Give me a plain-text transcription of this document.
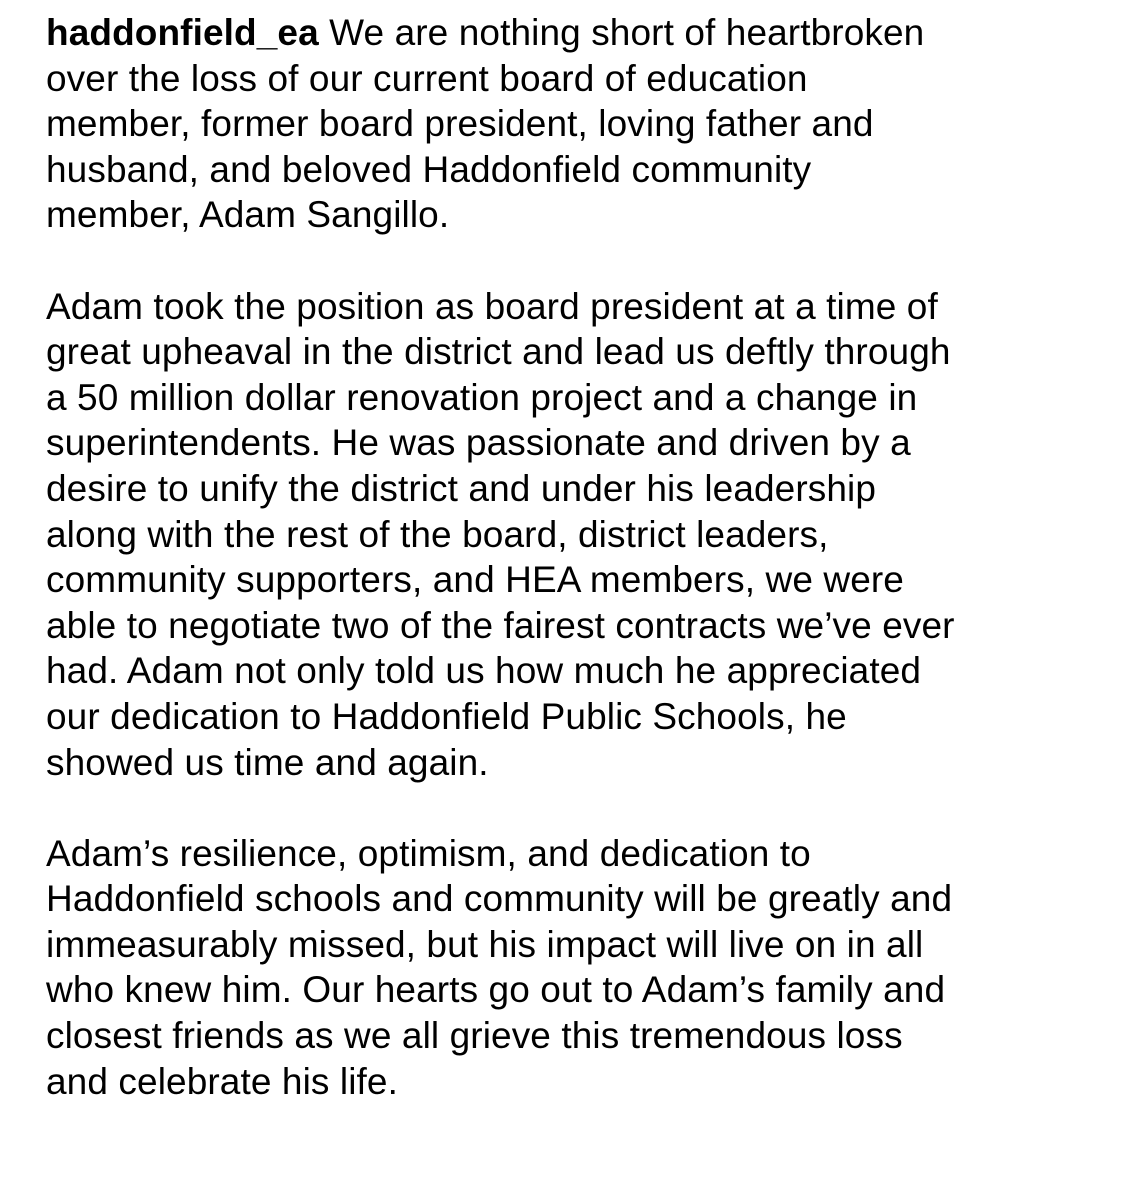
haddonfield_ea We are nothing short of heartbroken
over the loss of our current board of education
member, former board president, loving father and
husband, and beloved Haddonfield community
member, Adam Sangillo.

Adam took the position as board president at a time of
great upheaval in the district and lead us deftly through
a 50 million dollar renovation project and a change in
superintendents. He was passionate and driven by a
desire to unify the district and under his leadership
along with the rest of the board, district leaders,
community supporters, and HEA members, we were
able to negotiate two of the fairest contracts we’ve ever
had. Adam not only told us how much he appreciated
our dedication to Haddonfield Public Schools, he
showed us time and again.

Adam’s resilience, optimism, and dedication to
Haddonfield schools and community will be greatly and
immeasurably missed, but his impact will live on in all
who knew him. Our hearts go out to Adam’s family and
closest friends as we all grieve this tremendous loss
and celebrate his life.
